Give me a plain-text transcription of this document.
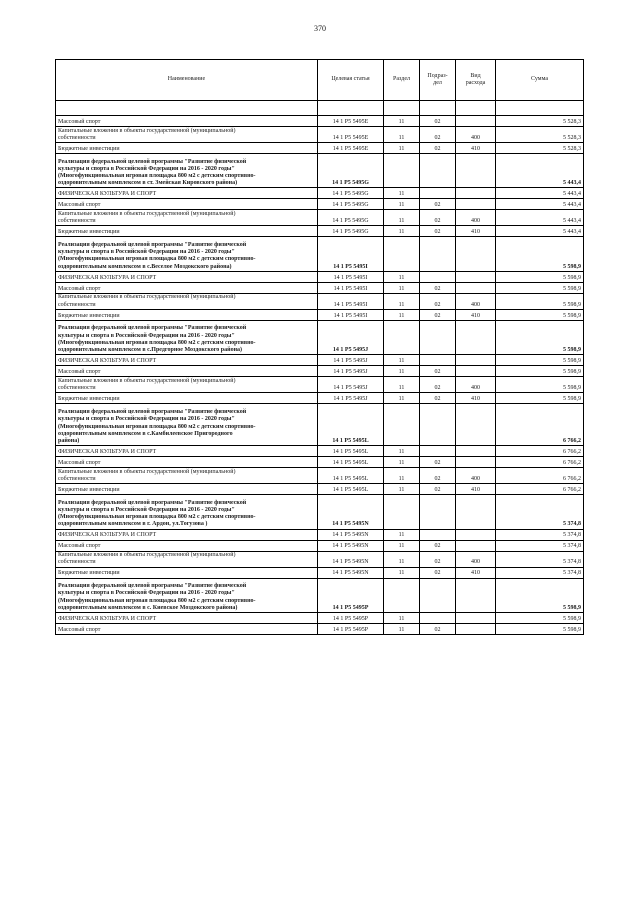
370
Наименование	Целевая статья	Раздел	Подраз-
дел	Вид
расхода	Сумма

Массовый спорт	14 1 P5 5495E	11	02		5 528,3
Капитальные вложения в объекты государственной (муниципальной)
собственности	14 1 P5 5495E	11	02	400	5 528,3
Бюджетные инвестиции	14 1 P5 5495E	11	02	410	5 528,3
Реализация федеральной целевой программы "Развитие физической
культуры и спорта в Российской Федерации на 2016 - 2020 годы"
(Многофункциональная игровая площадка 800 м2 с детским спортивно-
оздоровительным комплексом в ст. Змейская Кировского района)	14 1 P5 5495G				5 443,4
ФИЗИЧЕСКАЯ КУЛЬТУРА И СПОРТ	14 1 P5 5495G	11			5 443,4
Массовый спорт	14 1 P5 5495G	11	02		5 443,4
Капитальные вложения в объекты государственной (муниципальной)
собственности	14 1 P5 5495G	11	02	400	5 443,4
Бюджетные инвестиции	14 1 P5 5495G	11	02	410	5 443,4
Реализация федеральной целевой программы "Развитие физической
культуры и спорта в Российской Федерации на 2016 - 2020 годы"
(Многофункциональная игровая площадка 800 м2 с детским спортивно-
оздоровительным комплексом в с.Веселое Моздокского района)	14 1 P5 5495I				5 598,9
ФИЗИЧЕСКАЯ КУЛЬТУРА И СПОРТ	14 1 P5 5495I	11			5 598,9
Массовый спорт	14 1 P5 5495I	11	02		5 598,9
Капитальные вложения в объекты государственной (муниципальной)
собственности	14 1 P5 5495I	11	02	400	5 598,9
Бюджетные инвестиции	14 1 P5 5495I	11	02	410	5 598,9
Реализация федеральной целевой программы "Развитие физической
культуры и спорта в Российской Федерации на 2016 - 2020 годы"
(Многофункциональная игровая площадка 800 м2 с детским спортивно-
оздоровительным комплексом в с.Предгорное Моздокского района)	14 1 P5 5495J				5 598,9
ФИЗИЧЕСКАЯ КУЛЬТУРА И СПОРТ	14 1 P5 5495J	11			5 598,9
Массовый спорт	14 1 P5 5495J	11	02		5 598,9
Капитальные вложения в объекты государственной (муниципальной)
собственности	14 1 P5 5495J	11	02	400	5 598,9
Бюджетные инвестиции	14 1 P5 5495J	11	02	410	5 598,9
Реализация федеральной целевой программы "Развитие физической
культуры и спорта в Российской Федерации на 2016 - 2020 годы"
(Многофункциональная игровая площадка 800 м2 с детским спортивно-
оздоровительным комплексом в с.Камбилеевское Пригородного
района)	14 1 P5 5495L				6 766,2
ФИЗИЧЕСКАЯ КУЛЬТУРА И СПОРТ	14 1 P5 5495L	11			6 766,2
Массовый спорт	14 1 P5 5495L	11	02		6 766,2
Капитальные вложения в объекты государственной (муниципальной)
собственности	14 1 P5 5495L	11	02	400	6 766,2
Бюджетные инвестиции	14 1 P5 5495L	11	02	410	6 766,2
Реализация федеральной целевой программы "Развитие физической
культуры и спорта в Российской Федерации на 2016 - 2020 годы"
(Многофункциональная игровая площадка 800 м2 с детским спортивно-
оздоровительным комплексом в г. Ардон, ул.Тогузова )	14 1 P5 5495N				5 374,8
ФИЗИЧЕСКАЯ КУЛЬТУРА И СПОРТ	14 1 P5 5495N	11			5 374,8
Массовый спорт	14 1 P5 5495N	11	02		5 374,8
Капитальные вложения в объекты государственной (муниципальной)
собственности	14 1 P5 5495N	11	02	400	5 374,8
Бюджетные инвестиции	14 1 P5 5495N	11	02	410	5 374,8
Реализация федеральной целевой программы "Развитие физической
культуры и спорта в Российской Федерации на 2016 - 2020 годы"
(Многофункциональная игровая площадка 800 м2 с детским спортивно-
оздоровительным комплексом в с. Киевское Моздокского района)	14 1 P5 5495P				5 598,9
ФИЗИЧЕСКАЯ КУЛЬТУРА И СПОРТ	14 1 P5 5495P	11			5 598,9
Массовый спорт	14 1 P5 5495P	11	02		5 598,9
